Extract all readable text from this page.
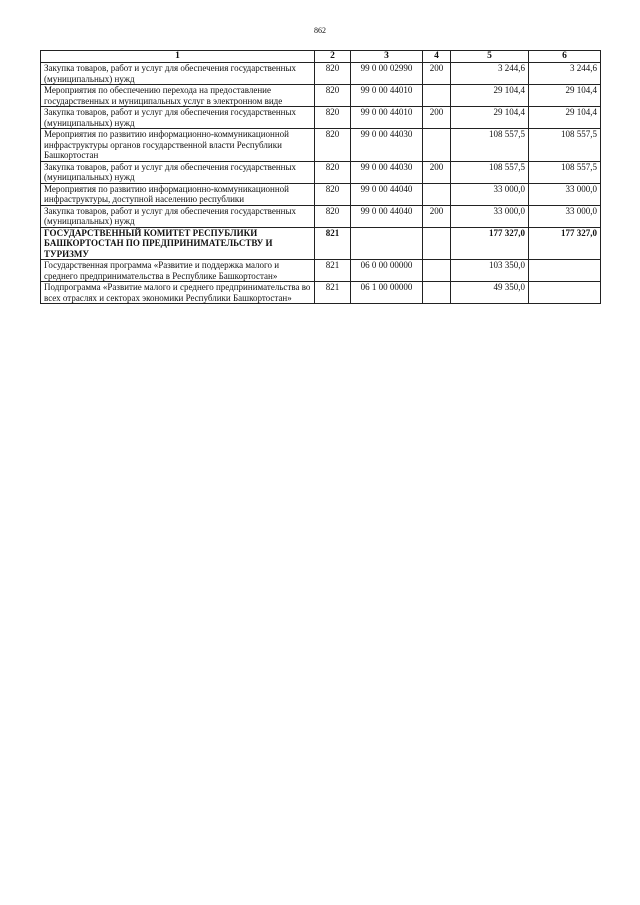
862
1	2	3	4	5	6
Закупка товаров, работ и услуг для обеспечения государственных (муниципальных) нужд	820	99 0 00 02990	200	3 244,6	3 244,6
Мероприятия по обеспечению перехода на предоставление государственных и муниципальных услуг в электронном виде	820	99 0 00 44010		29 104,4	29 104,4
Закупка товаров, работ и услуг для обеспечения государственных (муниципальных) нужд	820	99 0 00 44010	200	29 104,4	29 104,4
Мероприятия по развитию информационно-коммуникационной инфраструктуры органов государственной власти Республики Башкортостан	820	99 0 00 44030		108 557,5	108 557,5
Закупка товаров, работ и услуг для обеспечения государственных (муниципальных) нужд	820	99 0 00 44030	200	108 557,5	108 557,5
Мероприятия по развитию информационно-коммуникационной инфраструктуры, доступной населению республики	820	99 0 00 44040		33 000,0	33 000,0
Закупка товаров, работ и услуг для обеспечения государственных (муниципальных) нужд	820	99 0 00 44040	200	33 000,0	33 000,0
ГОСУДАРСТВЕННЫЙ КОМИТЕТ РЕСПУБЛИКИ БАШКОРТОСТАН ПО ПРЕДПРИНИМАТЕЛЬСТВУ И ТУРИЗМУ	821			177 327,0	177 327,0
Государственная программа «Развитие и поддержка малого и среднего предпринимательства в Республике Башкортостан»	821	06 0 00 00000		103 350,0	
Подпрограмма «Развитие малого и среднего предпринимательства во всех отраслях и секторах экономики Республики Башкортостан»	821	06 1 00 00000		49 350,0	
